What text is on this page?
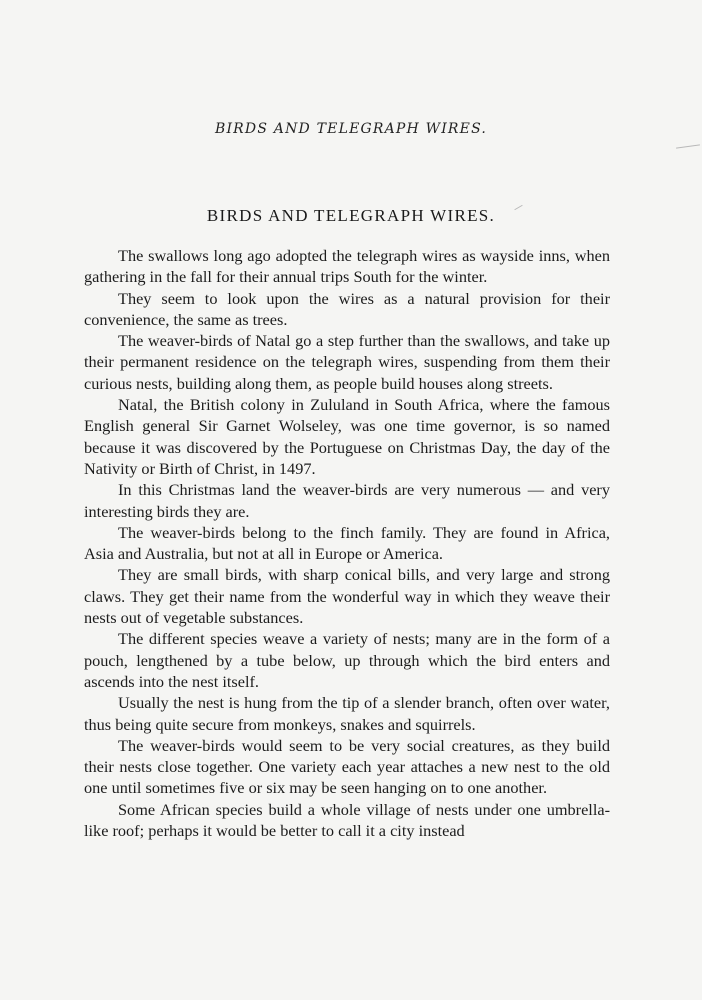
BIRDS AND TELEGRAPH WIRES.
BIRDS AND TELEGRAPH WIRES.

The swallows long ago adopted the telegraph wires as wayside inns, when gathering in the fall for their annual trips South for the winter.

They seem to look upon the wires as a natural provision for their convenience, the same as trees.

The weaver-birds of Natal go a step further than the swallows, and take up their permanent residence on the telegraph wires, suspending from them their curious nests, building along them, as people build houses along streets.

Natal, the British colony in Zululand in South Africa, where the famous English general Sir Garnet Wolseley, was one time governor, is so named because it was discovered by the Portuguese on Christmas Day, the day of the Nativity or Birth of Christ, in 1497.

In this Christmas land the weaver-birds are very numerous — and very interesting birds they are.

The weaver-birds belong to the finch family. They are found in Africa, Asia and Australia, but not at all in Europe or America.

They are small birds, with sharp conical bills, and very large and strong claws. They get their name from the wonderful way in which they weave their nests out of vegetable substances.

The different species weave a variety of nests; many are in the form of a pouch, lengthened by a tube below, up through which the bird enters and ascends into the nest itself.

Usually the nest is hung from the tip of a slender branch, often over water, thus being quite secure from monkeys, snakes and squirrels.

The weaver-birds would seem to be very social creatures, as they build their nests close together. One variety each year attaches a new nest to the old one until sometimes five or six may be seen hanging on to one another.

Some African species build a whole village of nests under one umbrella-like roof; perhaps it would be better to call it a city instead
